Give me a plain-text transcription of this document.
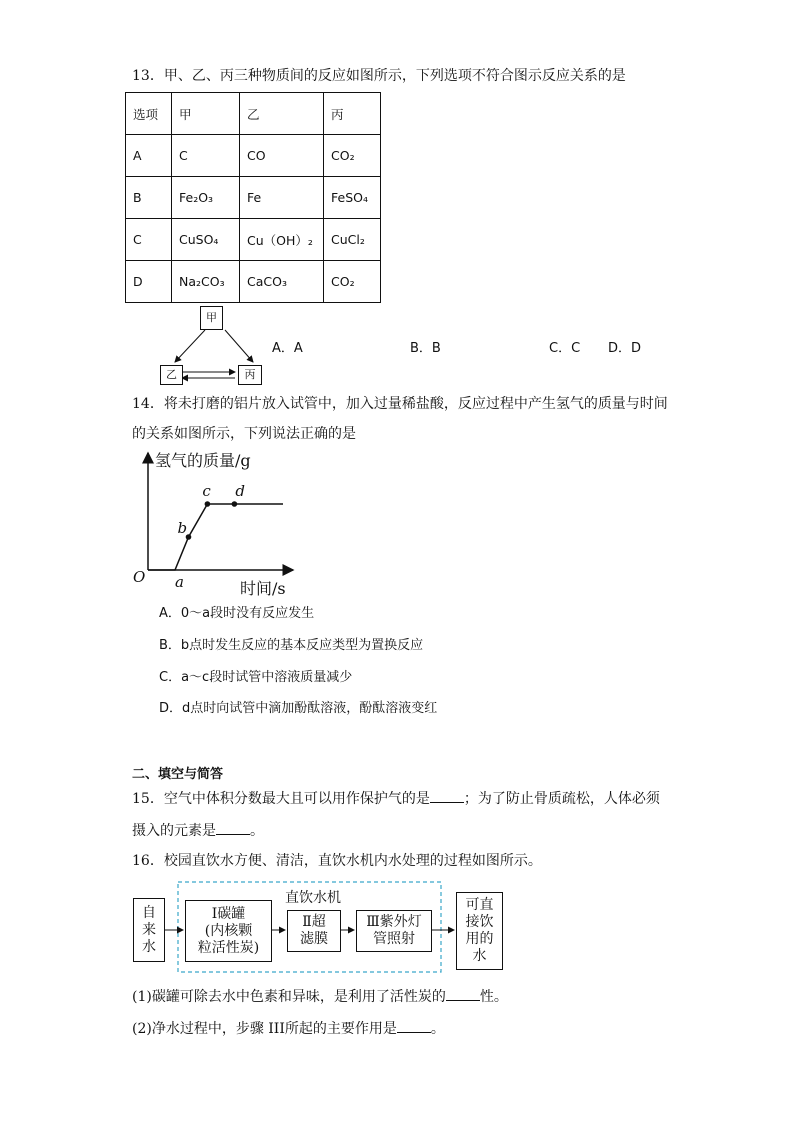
13．甲、乙、丙三种物质间的反应如图所示，下列选项不符合图示反应关系的是
选项	甲	乙	丙
A	C	CO	CO₂
B	Fe₂O₃	Fe	FeSO₄
C	CuSO₄	Cu（OH）₂	CuCl₂
D	Na₂CO₃	CaCO₃	CO₂
甲
乙	丙
A．A	B．B	C．C D．D
14．将未打磨的铝片放入试管中，加入过量稀盐酸，反应过程中产生氢气的质量与时间
的关系如图所示，下列说法正确的是
a
b
c d
氢气的质量/g
时间/s
O
A．0～a段时没有反应发生
B．b点时发生反应的基本反应类型为置换反应
C．a～c段时试管中溶液质量减少
D．d点时向试管中滴加酚酞溶液，酚酞溶液变红
二、填空与简答
15．空气中体积分数最大且可以用作保护气的是 ；为了防止骨质疏松，人体必须
摄入的元素是 。
16．校园直饮水方便、清洁，直饮水机内水处理的过程如图所示。
直饮水机
自
来
水
Ⅰ碳罐
(内核颗
粒活性炭)
Ⅱ超
滤膜
Ⅲ紫外灯
管照射
可直
接饮
用的
水
(1)碳罐可除去水中色素和异味，是利用了活性炭的 性。
(2)净水过程中，步骤 III所起的主要作用是 。
